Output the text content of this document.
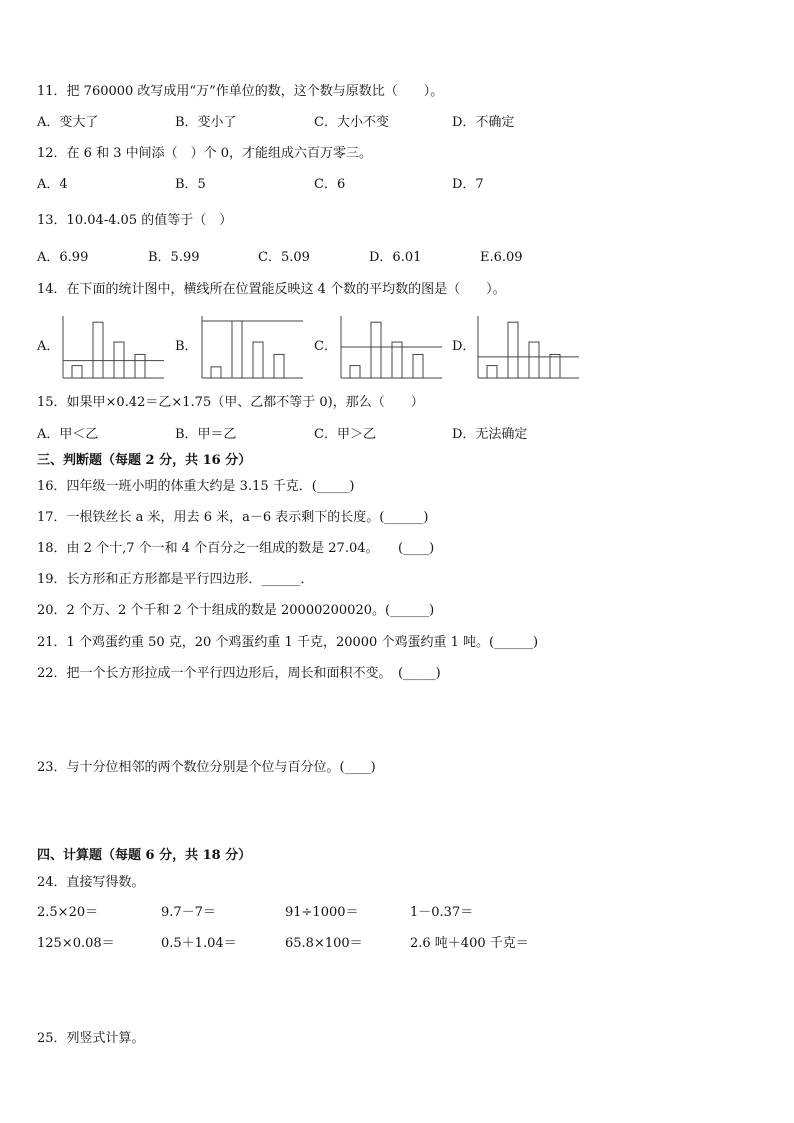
11．把 760000 改写成用“万”作单位的数，这个数与原数比（　　）。
A．变大了	B．变小了	C．大小不变	D．不确定
12．在 6 和 3 中间添（　）个 0，才能组成六百万零三。
A．4	B．5	C．6	D．7
13．10.04-4.05 的值等于（　）
A．6.99	B．5.99	C．5.09	D．6.01	E.6.09
14．在下面的统计图中，横线所在位置能反映这 4 个数的平均数的图是（　　）。
A．	B．	C．	D．
15．如果甲×0.42＝乙×1.75（甲、乙都不等于 0)，那么（　　）
A．甲＜乙	B．甲＝乙	C．甲＞乙	D．无法确定
三、判断题（每题 2 分，共 16 分）
16．四年级一班小明的体重大约是 3.15 千克．(_____)
17．一根铁丝长 a 米，用去 6 米，a－6 表示剩下的长度。(______)
18．由 2 个十,7 个一和 4 个百分之一组成的数是 27.04。　　(____)
19．长方形和正方形都是平行四边形．______．
20．2 个万、2 个千和 2 个十组成的数是 20000200020。(______)
21．1 个鸡蛋约重 50 克，20 个鸡蛋约重 1 千克，20000 个鸡蛋约重 1 吨。(______)
22．把一个长方形拉成一个平行四边形后，周长和面积不变。　(_____)
23．与十分位相邻的两个数位分别是个位与百分位。(____)
四、计算题（每题 6 分，共 18 分）
24．直接写得数。
2.5×20＝	9.7－7＝	91÷1000＝	1－0.37＝
125×0.08＝	0.5＋1.04＝	65.8×100＝	2.6 吨＋400 千克＝
25．列竖式计算。
